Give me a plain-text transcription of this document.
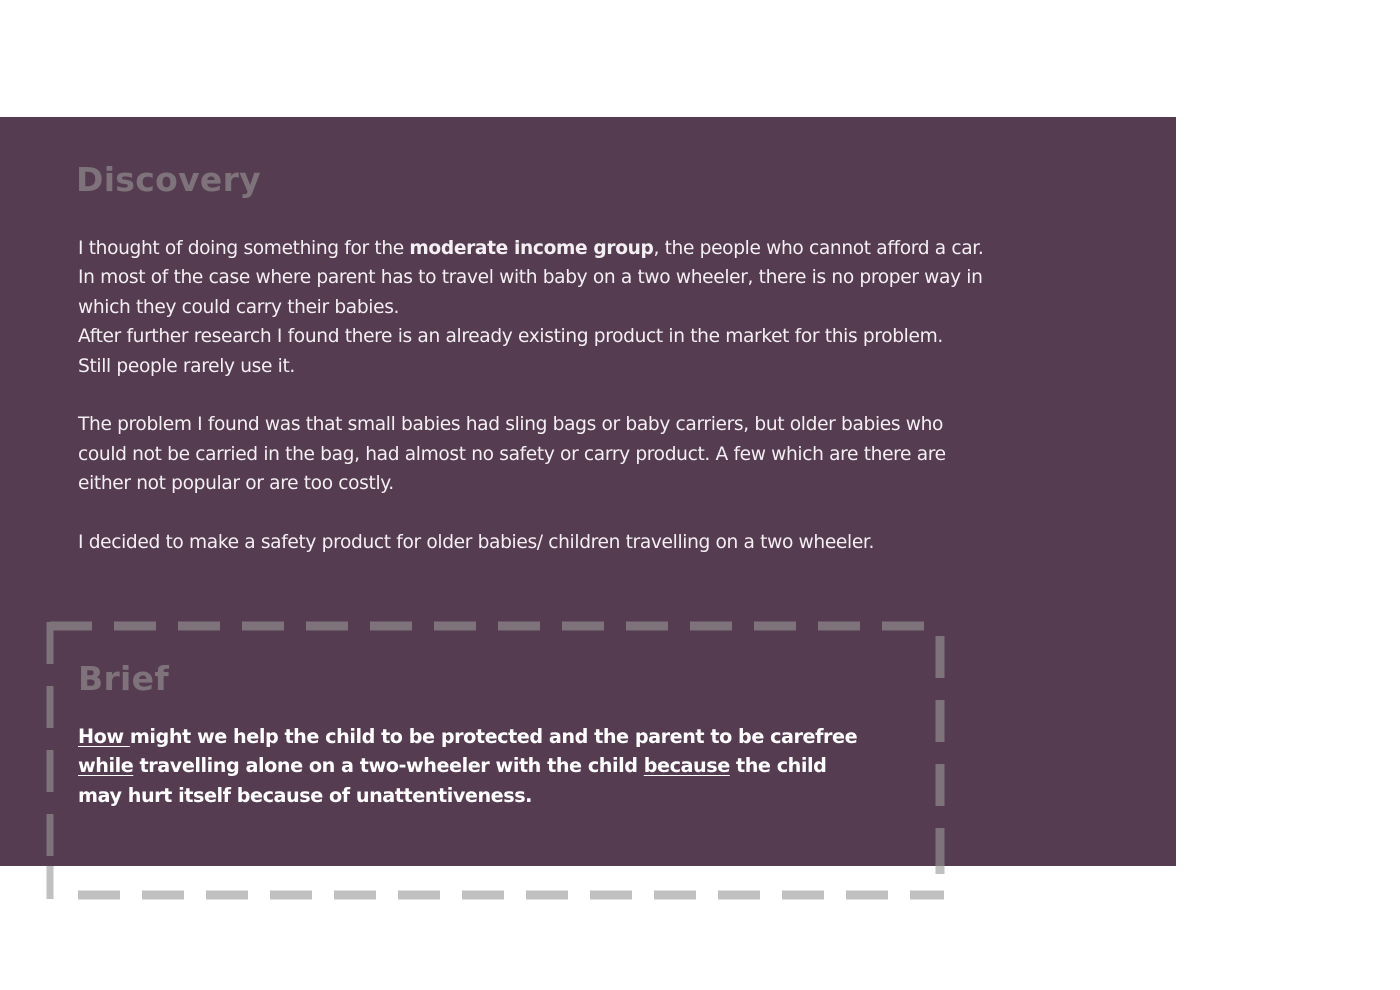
Discovery

I thought of doing something for the moderate income group, the people who cannot afford a car.
In most of the case where parent has to travel with baby on a two wheeler, there is no proper way in
which they could carry their babies.
After further research I found there is an already existing product in the market for this problem.
Still people rarely use it.

The problem I found was that small babies had sling bags or baby carriers, but older babies who
could not be carried in the bag, had almost no safety or carry product. A few which are there are
either not popular or are too costly.

I decided to make a safety product for older babies/ children travelling on a two wheeler.

Brief
How might we help the child to be protected and the parent to be carefree
while travelling alone on a two-wheeler with the child because the child
may hurt itself because of unattentiveness.
